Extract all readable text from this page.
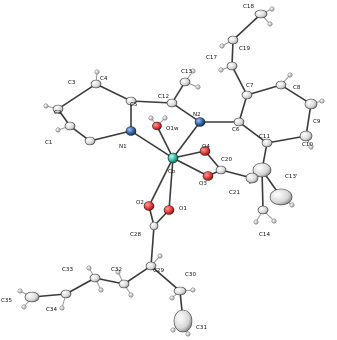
C18
C19
C17
C7	C8
C13
C3
C4
C5
C12
N2
C6
C2
O1w
C9
C11
C1
N1	C10
O4
Co
C20
O3
C13'
C21
O2
O1
C14
C28
C33	C32	C29
C30
C35
C34
C31
